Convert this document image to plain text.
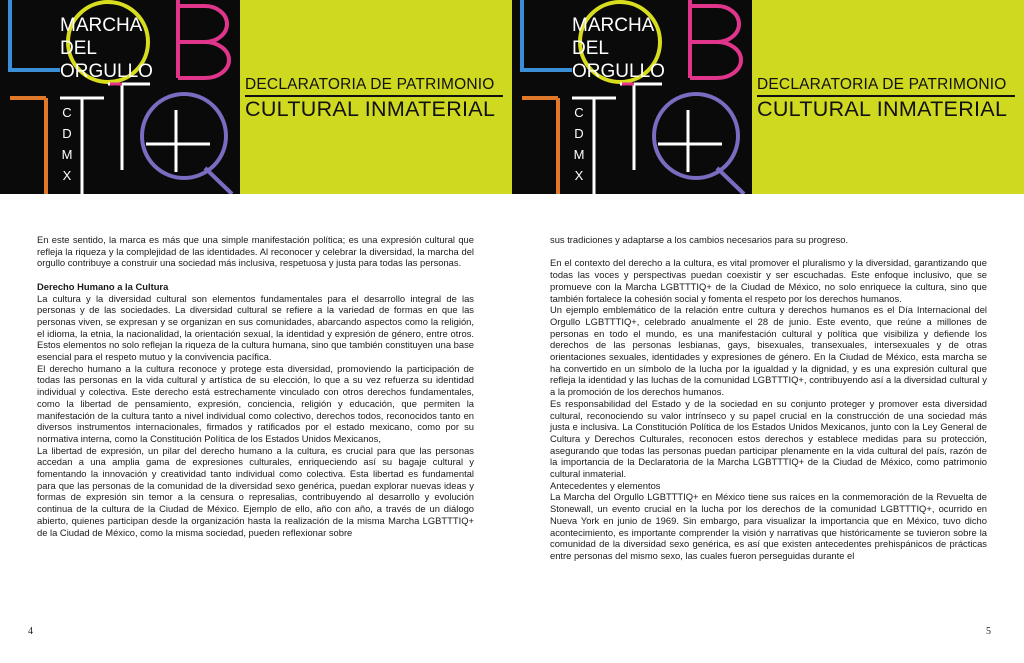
MARCHA
DEL
ORGULLO
C
D
M
X
DECLARATORIA DE PATRIMONIO
CULTURAL INMATERIAL

En este sentido, la marca es más que una simple manifestación política; es una expresión cultural que refleja la riqueza y la complejidad de las identidades. Al reconocer y celebrar la diversidad, la marcha del orgullo contribuye a construir una sociedad más inclusiva, respetuosa y justa para todas las personas.

Derecho Humano a la Cultura

La cultura y la diversidad cultural son elementos fundamentales para el desarrollo integral de las personas y de las sociedades. La diversidad cultural se refiere a la variedad de formas en que las personas viven, se expresan y se organizan en sus comunidades, abarcando aspectos como la religión, el idioma, la etnia, la nacionalidad, la orientación sexual, la identidad y expresión de género, entre otros. Estos elementos no solo reflejan la riqueza de la cultura humana, sino que también constituyen una base esencial para el respeto mutuo y la convivencia pacífica.

El derecho humano a la cultura reconoce y protege esta diversidad, promoviendo la participación de todas las personas en la vida cultural y artística de su elección, lo que a su vez refuerza su identidad individual y colectiva. Este derecho está estrechamente vinculado con otros derechos fundamentales, como la libertad de pensamiento, expresión, conciencia, religión y educación, que permiten la manifestación de la cultura tanto a nivel individual como colectivo, derechos todos, reconocidos tanto en diversos instrumentos internacionales, firmados y ratificados por el estado mexicano, como por su normativa interna, como la Constitución Política de los Estados Unidos Mexicanos,

La libertad de expresión, un pilar del derecho humano a la cultura, es crucial para que las personas accedan a una amplia gama de expresiones culturales, enriqueciendo así su bagaje cultural y fomentando la innovación y creatividad tanto individual como colectiva. Esta libertad es fundamental para que las personas de la comunidad de la diversidad sexo genérica, puedan explorar nuevas ideas y formas de expresión sin temor a la censura o represalias, contribuyendo al desarrollo y evolución continua de la cultura de la Ciudad de México. Ejemplo de ello, año con año, a través de un diálogo abierto, quienes participan desde la organización hasta la realización de la misma Marcha LGBTTTIQ+ de la Ciudad de México, como la misma sociedad, pueden reflexionar sobre

4
MARCHA
DEL
ORGULLO
C
D
M
X
DECLARATORIA DE PATRIMONIO
CULTURAL INMATERIAL

sus tradiciones y adaptarse a los cambios necesarios para su progreso.

En el contexto del derecho a la cultura, es vital promover el pluralismo y la diversidad, garantizando que todas las voces y perspectivas puedan coexistir y ser escuchadas. Este enfoque inclusivo, que se promueve con la Marcha LGBTTTIQ+ de la Ciudad de México, no solo enriquece la cultura, sino que también fortalece la cohesión social y fomenta el respeto por los derechos humanos.

Un ejemplo emblemático de la relación entre cultura y derechos humanos es el Día Internacional del Orgullo LGBTTTIQ+, celebrado anualmente el 28 de junio. Este evento, que reúne a millones de personas en todo el mundo, es una manifestación cultural y política que visibiliza y defiende los derechos de las personas lesbianas, gays, bisexuales, transexuales, intersexuales y de otras orientaciones sexuales, identidades y expresiones de género. En la Ciudad de México, esta marcha se ha convertido en un símbolo de la lucha por la igualdad y la dignidad, y es una expresión cultural que refleja la identidad y las luchas de la comunidad LGBTTTIQ+, contribuyendo así a la diversidad cultural y a la promoción de los derechos humanos.

Es responsabilidad del Estado y de la sociedad en su conjunto proteger y promover esta diversidad cultural, reconociendo su valor intrínseco y su papel crucial en la construcción de una sociedad más justa e inclusiva. La Constitución Política de los Estados Unidos Mexicanos, junto con la Ley General de Cultura y Derechos Culturales, reconocen estos derechos y establece medidas para su protección, asegurando que todas las personas puedan participar plenamente en la vida cultural del país, razón de la importancia de la Declaratoria de la Marcha LGBTTTIQ+ de la Ciudad de México, como patrimonio cultural inmaterial.

Antecedentes y elementos

La Marcha del Orgullo LGBTTTIQ+ en México tiene sus raíces en la conmemoración de la Revuelta de Stonewall, un evento crucial en la lucha por los derechos de la comunidad LGBTTTIQ+, ocurrido en Nueva York en junio de 1969. Sin embargo, para visualizar la importancia que en México, tuvo dicho acontecimiento, es importante comprender la visión y narrativas que históricamente se tuvieron sobre la comunidad de la diversidad sexo genérica, es así que existen antecedentes prehispánicos de prácticas entre personas del mismo sexo, las cuales fueron perseguidas durante el

5
